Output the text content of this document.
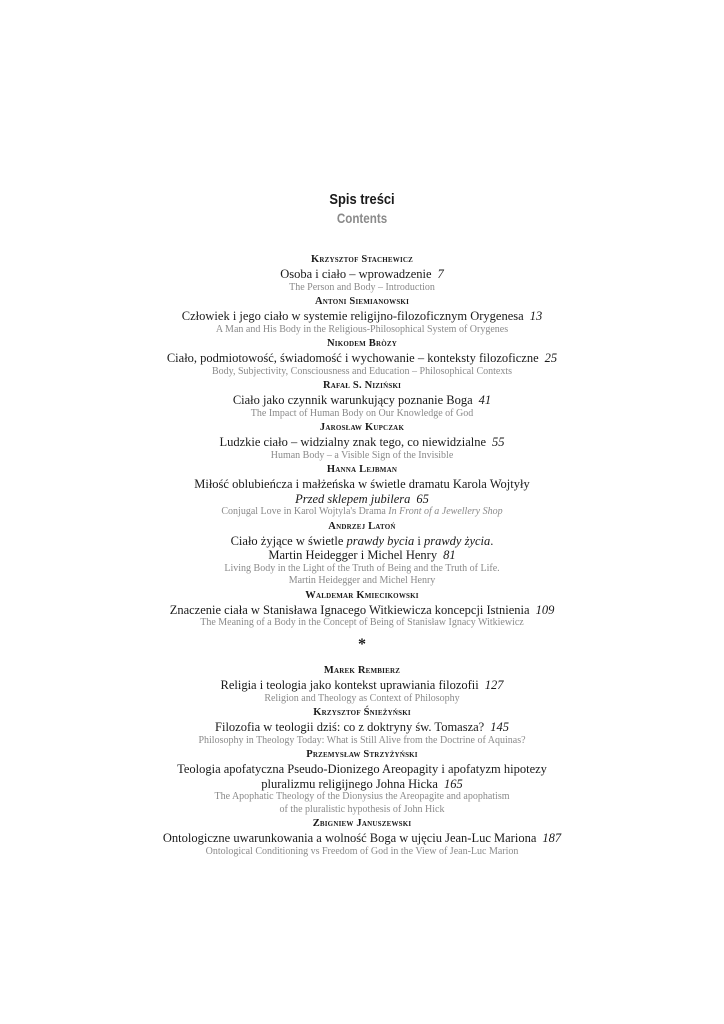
Spis treści
Contents
Krzysztof Stachewicz
Osoba i ciało – wprowadzenie 7
The Person and Body – Introduction
Antoni Siemianowski
Człowiek i jego ciało w systemie religijno-filozoficznym Orygenesa 13
A Man and His Body in the Religious-Philosophical System of Orygenes
Nikodem Bròzy
Ciało, podmiotowość, świadomość i wychowanie – konteksty filozoficzne 25
Body, Subjectivity, Consciousness and Education – Philosophical Contexts
Rafał S. Niziński
Ciało jako czynnik warunkujący poznanie Boga 41
The Impact of Human Body on Our Knowledge of God
Jarosław Kupczak
Ludzkie ciało – widzialny znak tego, co niewidzialne 55
Human Body – a Visible Sign of the Invisible
Hanna Lejbman
Miłość oblubieńcza i małżeńska w świetle dramatu Karola Wojtyły
Przed sklepem jubilera 65
Conjugal Love in Karol Wojtyla's Drama In Front of a Jewellery Shop
Andrzej Latoń
Ciało żyjące w świetle prawdy bycia i prawdy życia.
Martin Heidegger i Michel Henry 81
Living Body in the Light of the Truth of Being and the Truth of Life.
Martin Heidegger and Michel Henry
Waldemar Kmiecikowski
Znaczenie ciała w Stanisława Ignacego Witkiewicza koncepcji Istnienia 109
The Meaning of a Body in the Concept of Being of Stanisław Ignacy Witkiewicz
*
Marek Rembierz
Religia i teologia jako kontekst uprawiania filozofii 127
Religion and Theology as Context of Philosophy
Krzysztof Śnieżyński
Filozofia w teologii dziś: co z doktryny św. Tomasza? 145
Philosophy in Theology Today: What is Still Alive from the Doctrine of Aquinas?
Przemysław Strzyżyński
Teologia apofatyczna Pseudo-Dionizego Areopagity i apofatyzm hipotezy
pluralizmu religijnego Johna Hicka 165
The Apophatic Theology of the Dionysius the Areopagite and apophatism
of the pluralistic hypothesis of John Hick
Zbigniew Januszewski
Ontologiczne uwarunkowania a wolność Boga w ujęciu Jean-Luc Mariona 187
Ontological Conditioning vs Freedom of God in the View of Jean-Luc Marion
